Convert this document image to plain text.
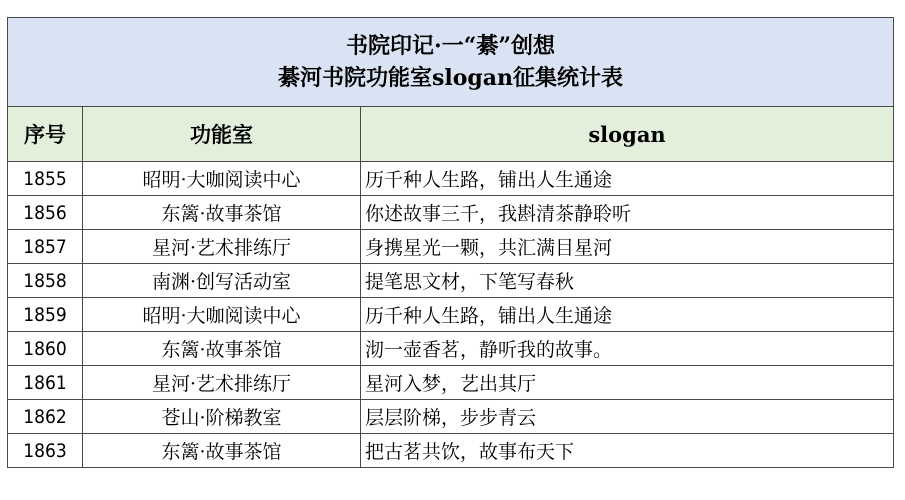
书院印记·一“綦”创想
綦河书院功能室slogan征集统计表		

序号	功能室	slogan
1855	昭明·大咖阅读中心	历千种人生路，铺出人生通途
1856	东篱·故事茶馆	你述故事三千，我斟清茶静聆听
1857	星河·艺术排练厅	身携星光一颗，共汇满目星河
1858	南渊·创写活动室	提笔思文材，下笔写春秋
1859	昭明·大咖阅读中心	历千种人生路，铺出人生通途
1860	东篱·故事茶馆	沏一壶香茗，静听我的故事。
1861	星河·艺术排练厅	星河入梦，艺出其厅
1862	苍山·阶梯教室	层层阶梯，步步青云
1863	东篱·故事茶馆	把古茗共饮，故事布天下
